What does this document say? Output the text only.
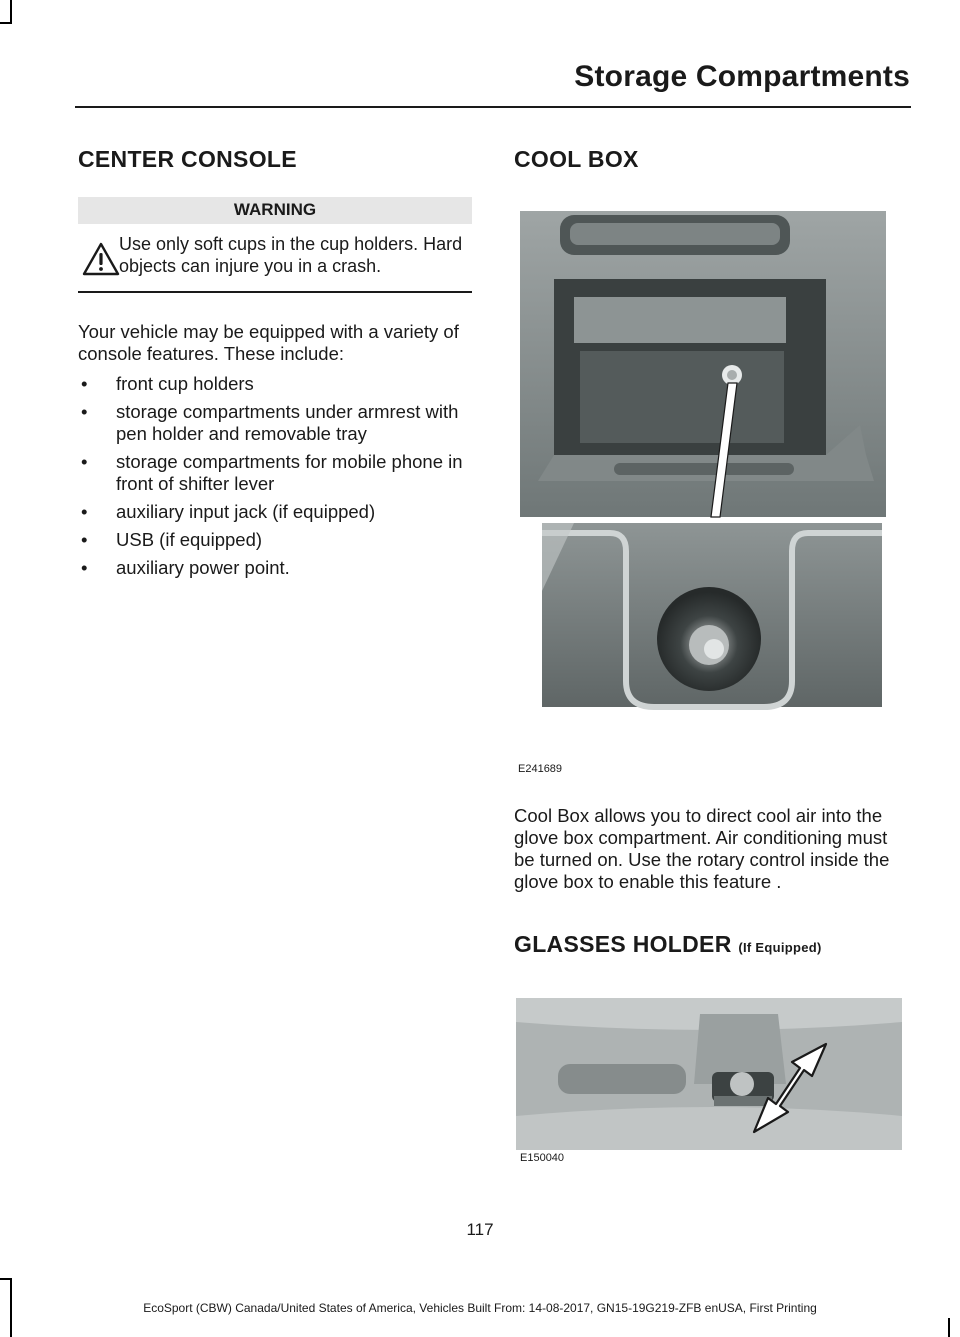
Storage Compartments
CENTER CONSOLE
WARNING
Use only soft cups in the cup holders. Hard objects can injure you in a crash.

Your vehicle may be equipped with a variety of console features. These include:

• front cup holders
• storage compartments under armrest with pen holder and removable tray
• storage compartments for mobile phone in front of shifter lever
• auxiliary input jack (if equipped)
• USB (if equipped)
• auxiliary power point.
COOL BOX
E241689

Cool Box allows you to direct cool air into the glove box compartment. Air conditioning must be turned on. Use the rotary control inside the glove box to enable this feature .

GLASSES HOLDER (If Equipped)
E150040
117
EcoSport (CBW) Canada/United States of America, Vehicles Built From: 14-08-2017, GN15-19G219-ZFB enUSA, First Printing
